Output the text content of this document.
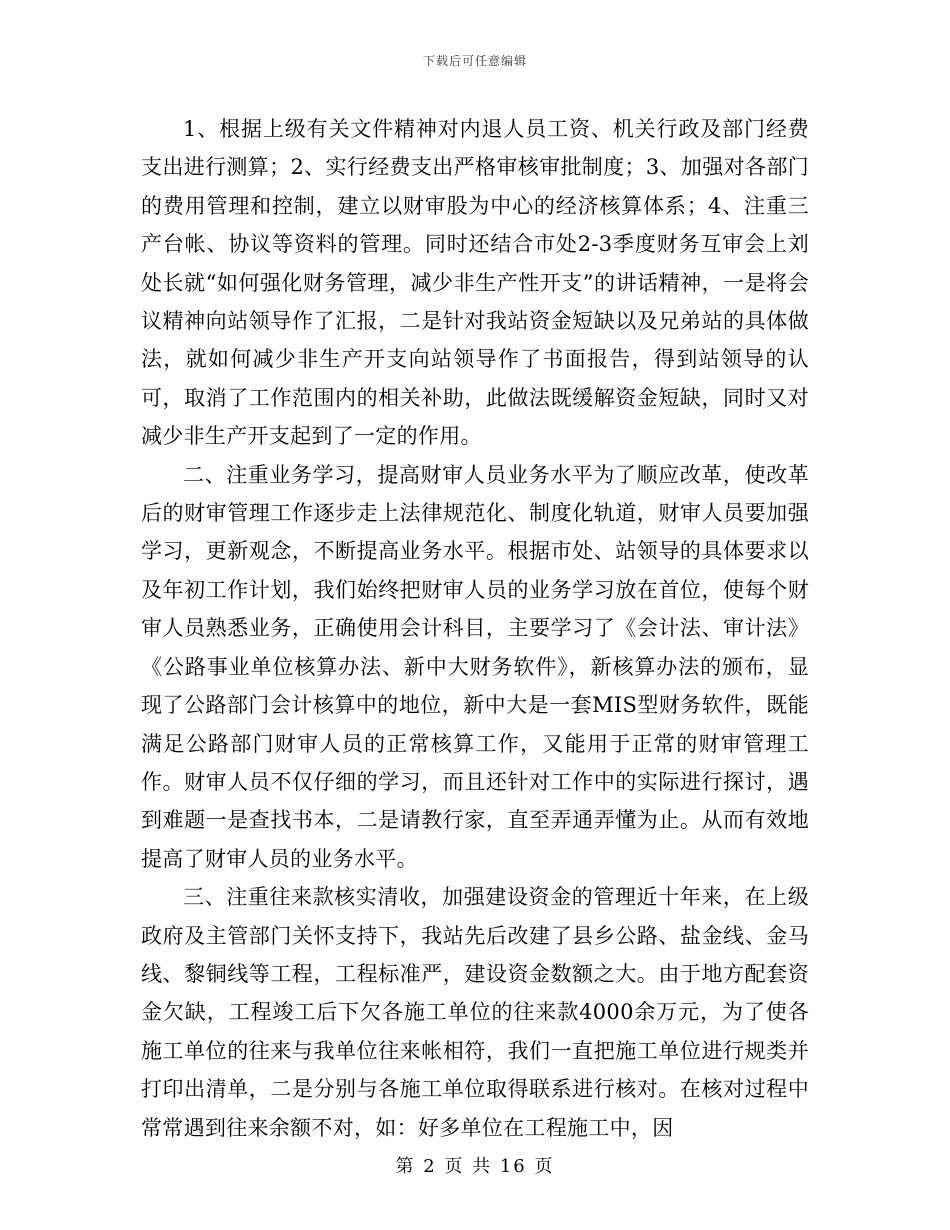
下载后可任意编辑

1、根据上级有关文件精神对内退人员工资、机关行政及部门经费支出进行测算；2、实行经费支出严格审核审批制度；3、加强对各部门的费用管理和控制，建立以财审股为中心的经济核算体系；4、注重三产台帐、协议等资料的管理。同时还结合市处2-3季度财务互审会上刘处长就“如何强化财务管理，减少非生产性开支”的讲话精神，一是将会议精神向站领导作了汇报，二是针对我站资金短缺以及兄弟站的具体做法，就如何减少非生产开支向站领导作了书面报告，得到站领导的认可，取消了工作范围内的相关补助，此做法既缓解资金短缺，同时又对减少非生产开支起到了一定的作用。

二、注重业务学习，提高财审人员业务水平为了顺应改革，使改革后的财审管理工作逐步走上法律规范化、制度化轨道，财审人员要加强学习，更新观念，不断提高业务水平。根据市处、站领导的具体要求以及年初工作计划，我们始终把财审人员的业务学习放在首位，使每个财审人员熟悉业务，正确使用会计科目，主要学习了《会计法、审计法》《公路事业单位核算办法、新中大财务软件》，新核算办法的颁布，显现了公路部门会计核算中的地位，新中大是一套MIS型财务软件，既能满足公路部门财审人员的正常核算工作，又能用于正常的财审管理工作。财审人员不仅仔细的学习，而且还针对工作中的实际进行探讨，遇到难题一是查找书本，二是请教行家，直至弄通弄懂为止。从而有效地提高了财审人员的业务水平。

三、注重往来款核实清收，加强建设资金的管理近十年来，在上级政府及主管部门关怀支持下，我站先后改建了县乡公路、盐金线、金马线、黎铜线等工程，工程标准严，建设资金数额之大。由于地方配套资金欠缺，工程竣工后下欠各施工单位的往来款4000余万元，为了使各施工单位的往来与我单位往来帐相符，我们一直把施工单位进行规类并打印出清单，二是分别与各施工单位取得联系进行核对。在核对过程中常常遇到往来余额不对，如：好多单位在工程施工中，因

第 2 页 共 16 页
